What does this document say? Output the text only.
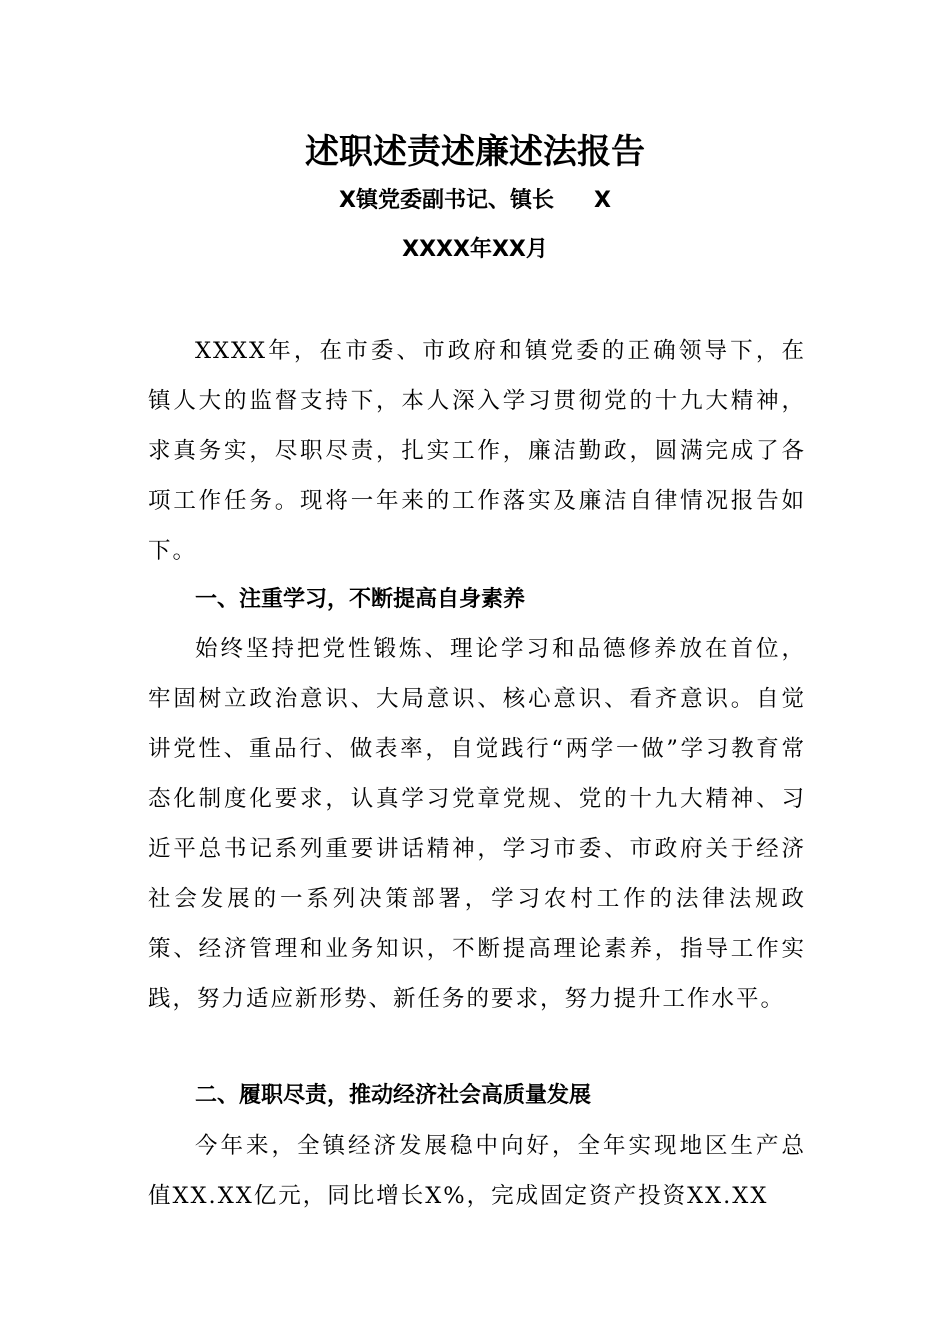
述职述责述廉述法报告

X镇党委副书记、镇长 X

XXXX年XX月

XXXX年，在市委、市政府和镇党委的正确领导下，在镇人大的监督支持下，本人深入学习贯彻党的十九大精神，求真务实，尽职尽责，扎实工作，廉洁勤政，圆满完成了各项工作任务。现将一年来的工作落实及廉洁自律情况报告如下。

一、注重学习，不断提高自身素养

始终坚持把党性锻炼、理论学习和品德修养放在首位，牢固树立政治意识、大局意识、核心意识、看齐意识。自觉讲党性、重品行、做表率，自觉践行“两学一做”学习教育常态化制度化要求，认真学习党章党规、党的十九大精神、习近平总书记系列重要讲话精神，学习市委、市政府关于经济社会发展的一系列决策部署，学习农村工作的法律法规政策、经济管理和业务知识，不断提高理论素养，指导工作实践，努力适应新形势、新任务的要求，努力提升工作水平。

二、履职尽责，推动经济社会高质量发展

今年来，全镇经济发展稳中向好，全年实现地区生产总值XX.XX亿元，同比增长X%，完成固定资产投资XX.XX
